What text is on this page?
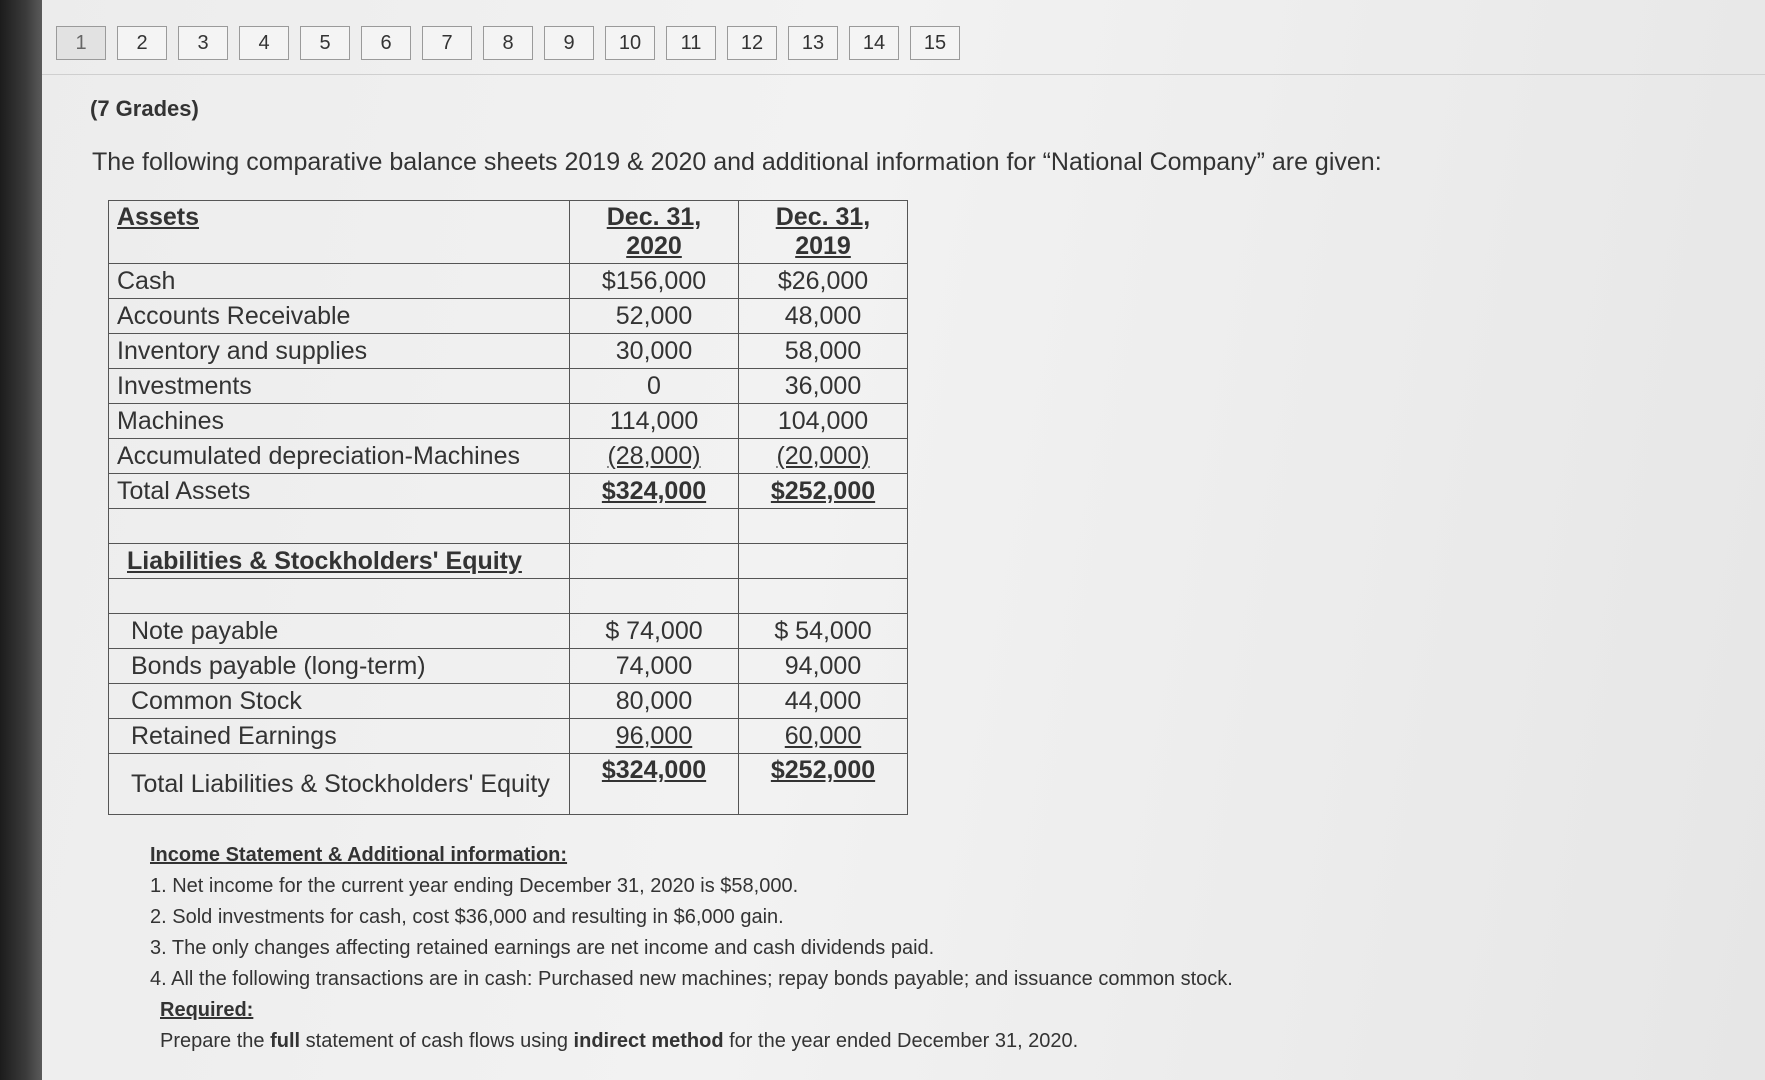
1	2	3	4	5	6	7	8	9	10	11	12	13	14	15
(7 Grades)
The following comparative balance sheets 2019 & 2020 and additional information for “National Company” are given:
Assets	Dec. 31, 2020	Dec. 31, 2019
Cash	$156,000	$26,000
Accounts Receivable	52,000	48,000
Inventory and supplies	30,000	58,000
Investments	0	36,000
Machines	114,000	104,000
Accumulated depreciation-Machines	(28,000)	(20,000)
Total Assets	$324,000	$252,000

Liabilities & Stockholders' Equity		

Note payable	$ 74,000	$ 54,000
Bonds payable (long-term)	74,000	94,000
Common Stock	80,000	44,000
Retained Earnings	96,000	60,000
Total Liabilities & Stockholders' Equity	$324,000	$252,000
Income Statement & Additional information:
1. Net income for the current year ending December 31, 2020 is $58,000.
2. Sold investments for cash, cost $36,000 and resulting in $6,000 gain.
3. The only changes affecting retained earnings are net income and cash dividends paid.
4. All the following transactions are in cash: Purchased new machines; repay bonds payable; and issuance common stock.
Required:
Prepare the full statement of cash flows using indirect method for the year ended December 31, 2020.
